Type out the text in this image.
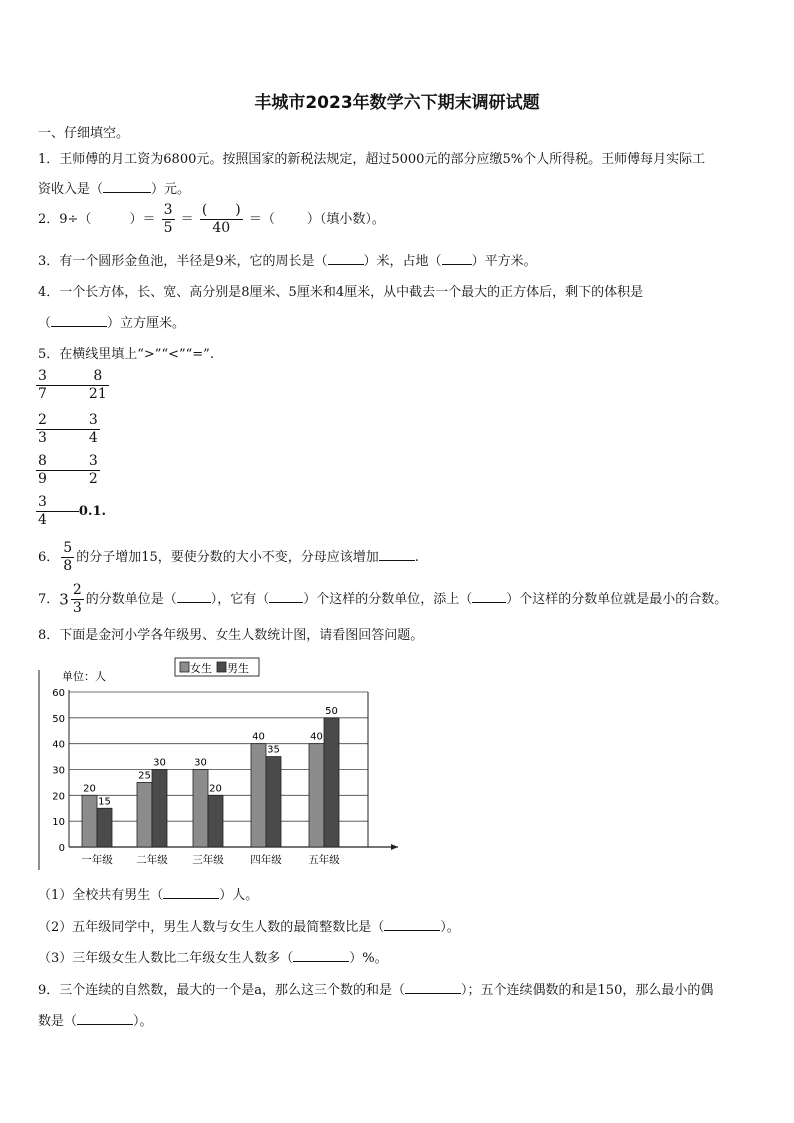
丰城市2023年数学六下期末调研试题
一、仔细填空。
1．王师傅的月工资为6800元。按照国家的新税法规定，超过5000元的部分应缴5%个人所得税。王师傅每月实际工
资收入是（	）元。
2．9÷（	）＝ $\frac{3}{5} = \frac{( )}{40}$ ＝（ ）（填小数）。
3．有一个圆形金鱼池，半径是9米，它的周长是（	）米，占地（ ）平方米。
4．一个长方体，长、宽、高分别是8厘米、5厘米和4厘米，从中截去一个最大的正方体后，剩下的体积是
（	）立方厘米。
5．在横线里填上“>”“<”“=”.
$\frac{3}{7}$	$\frac{8}{21}$
$\frac{2}{3}$	$\frac{3}{4}$
$\frac{8}{9}$	$\frac{3}{2}$
$\frac{3}{4} 0.1$.
6． $\frac{5}{8}$ 的分子增加15，要使分数的大小不变，分母应该增加	.
7．$3 \frac{2}{3}$ 的分数单位是（	），它有（	）个这样的分数单位，添上（	）个这样的分数单位就是最小的合数。
8．下面是金河小学各年级男、女生人数统计图，请看图回答问题。
单位：人
女生 男生
0
10
20
30
40
50
60
20
15
25
30	30
20
40
35
40
50
一年级 二年级 三年级	四年级	五年级
（1）全校共有男生（	）人。
（2）五年级同学中，男生人数与女生人数的最简整数比是（	）。
（3）三年级女生人数比二年级女生人数多（	）%。
9．三个连续的自然数，最大的一个是a，那么这三个数的和是（	）；五个连续偶数的和是150，那么最小的偶
数是（	）。
